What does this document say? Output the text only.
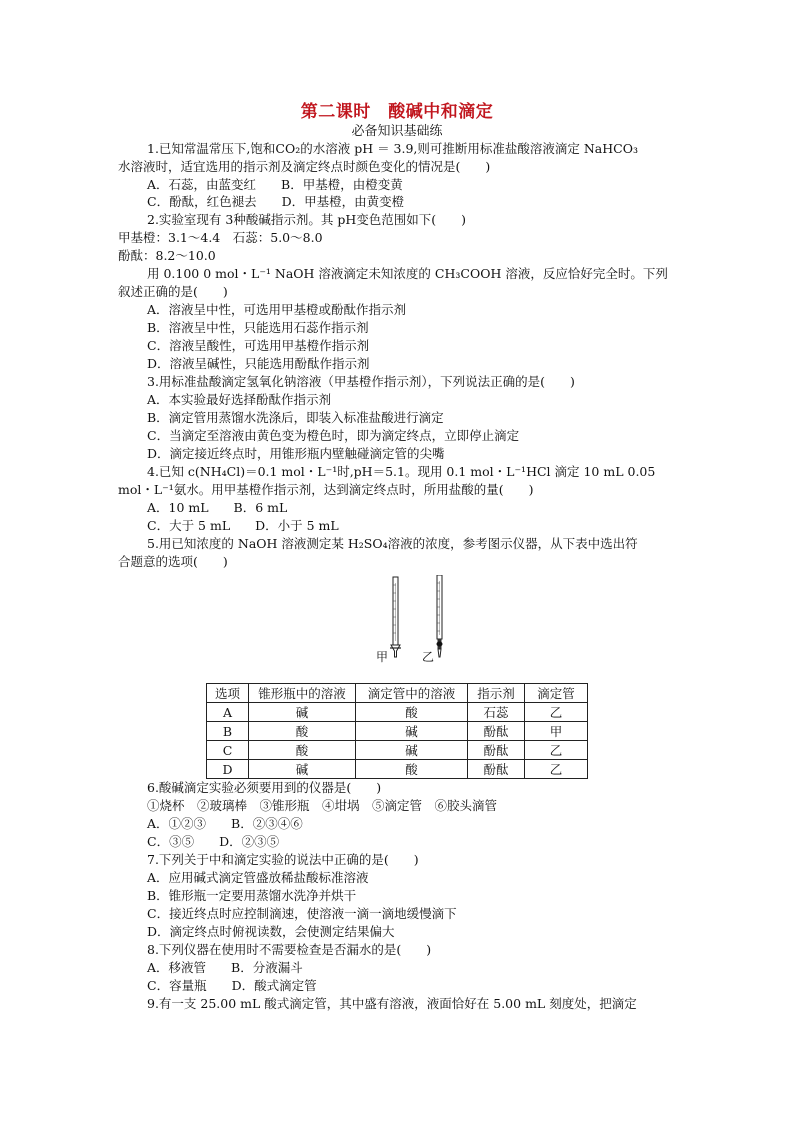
第二课时　酸碱中和滴定
必备知识基础练
1.已知常温常压下,饱和CO₂的水溶液 pH ＝ 3.9,则可推断用标准盐酸溶液滴定 NaHCO₃
水溶液时，适宜选用的指示剂及滴定终点时颜色变化的情况是(　　)
A．石蕊，由蓝变红　　B．甲基橙，由橙变黄
C．酚酞，红色褪去　　D．甲基橙，由黄变橙
2.实验室现有 3种酸碱指示剂。其 pH变色范围如下(　　)
甲基橙：3.1～4.4　石蕊：5.0～8.0
酚酞：8.2～10.0
用 0.100 0 mol・L⁻¹ NaOH 溶液滴定未知浓度的 CH₃COOH 溶液，反应恰好完全时。下列
叙述正确的是(　　)
A．溶液呈中性，可选用甲基橙或酚酞作指示剂
B．溶液呈中性，只能选用石蕊作指示剂
C．溶液呈酸性，可选用甲基橙作指示剂
D．溶液呈碱性，只能选用酚酞作指示剂
3.用标准盐酸滴定氢氧化钠溶液（甲基橙作指示剂），下列说法正确的是(　　)
A．本实验最好选择酚酞作指示剂
B．滴定管用蒸馏水洗涤后，即装入标准盐酸进行滴定
C．当滴定至溶液由黄色变为橙色时，即为滴定终点，立即停止滴定
D．滴定接近终点时，用锥形瓶内壁触碰滴定管的尖嘴
4.已知 c(NH₄Cl)＝0.1 mol・L⁻¹时,pH＝5.1。现用 0.1 mol・L⁻¹HCl 滴定 10 mL 0.05
mol・L⁻¹氨水。用甲基橙作指示剂，达到滴定终点时，所用盐酸的量(　　)
A．10 mL　　B．6 mL
C．大于 5 mL　　D．小于 5 mL
5.用已知浓度的 NaOH 溶液测定某 H₂SO₄溶液的浓度，参考图示仪器，从下表中选出符
合题意的选项(　　)
甲	乙
选项	锥形瓶中的溶液	滴定管中的溶液	指示剂	滴定管
A	碱	酸	石蕊	乙
B	酸	碱	酚酞	甲
C	酸	碱	酚酞	乙
D	碱	酸	酚酞	乙
6.酸碱滴定实验必须要用到的仪器是(　　)
①烧杯　②玻璃棒　③锥形瓶　④坩埚　⑤滴定管　⑥胶头滴管
A．①②③　　B．②③④⑥
C．③⑤　　D．②③⑤
7.下列关于中和滴定实验的说法中正确的是(　　)
A．应用碱式滴定管盛放稀盐酸标准溶液
B．锥形瓶一定要用蒸馏水洗净并烘干
C．接近终点时应控制滴速，使溶液一滴一滴地缓慢滴下
D．滴定终点时俯视读数，会使测定结果偏大
8.下列仪器在使用时不需要检查是否漏水的是(　　)
A．移液管　　B．分液漏斗
C．容量瓶　　D．酸式滴定管
9.有一支 25.00 mL 酸式滴定管，其中盛有溶液，液面恰好在 5.00 mL 刻度处，把滴定
